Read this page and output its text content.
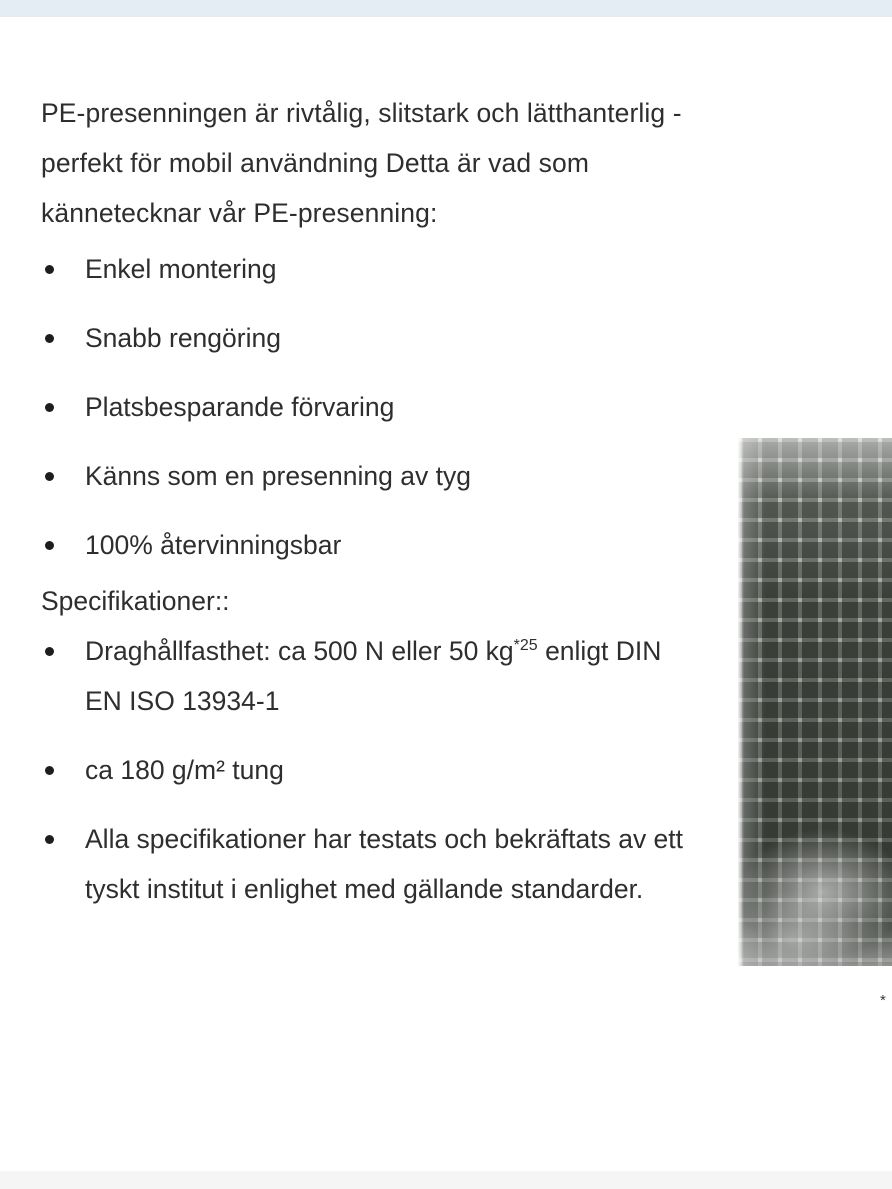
PE-presenningen är rivtålig, slitstark och lätthanterlig - perfekt för mobil användning Detta är vad som kännetecknar vår PE-presenning:

Enkel montering
Snabb rengöring
Platsbesparande förvaring
Känns som en presenning av tyg
100% återvinningsbar

Specifikationer::

Draghållfasthet: ca 500 N eller 50 kg$^{*25}$ enligt DIN EN ISO 13934-1
ca 180 g/m² tung
Alla specifikationer har testats och bekräftats av ett tyskt institut i enlighet med gällande standarder.
*
